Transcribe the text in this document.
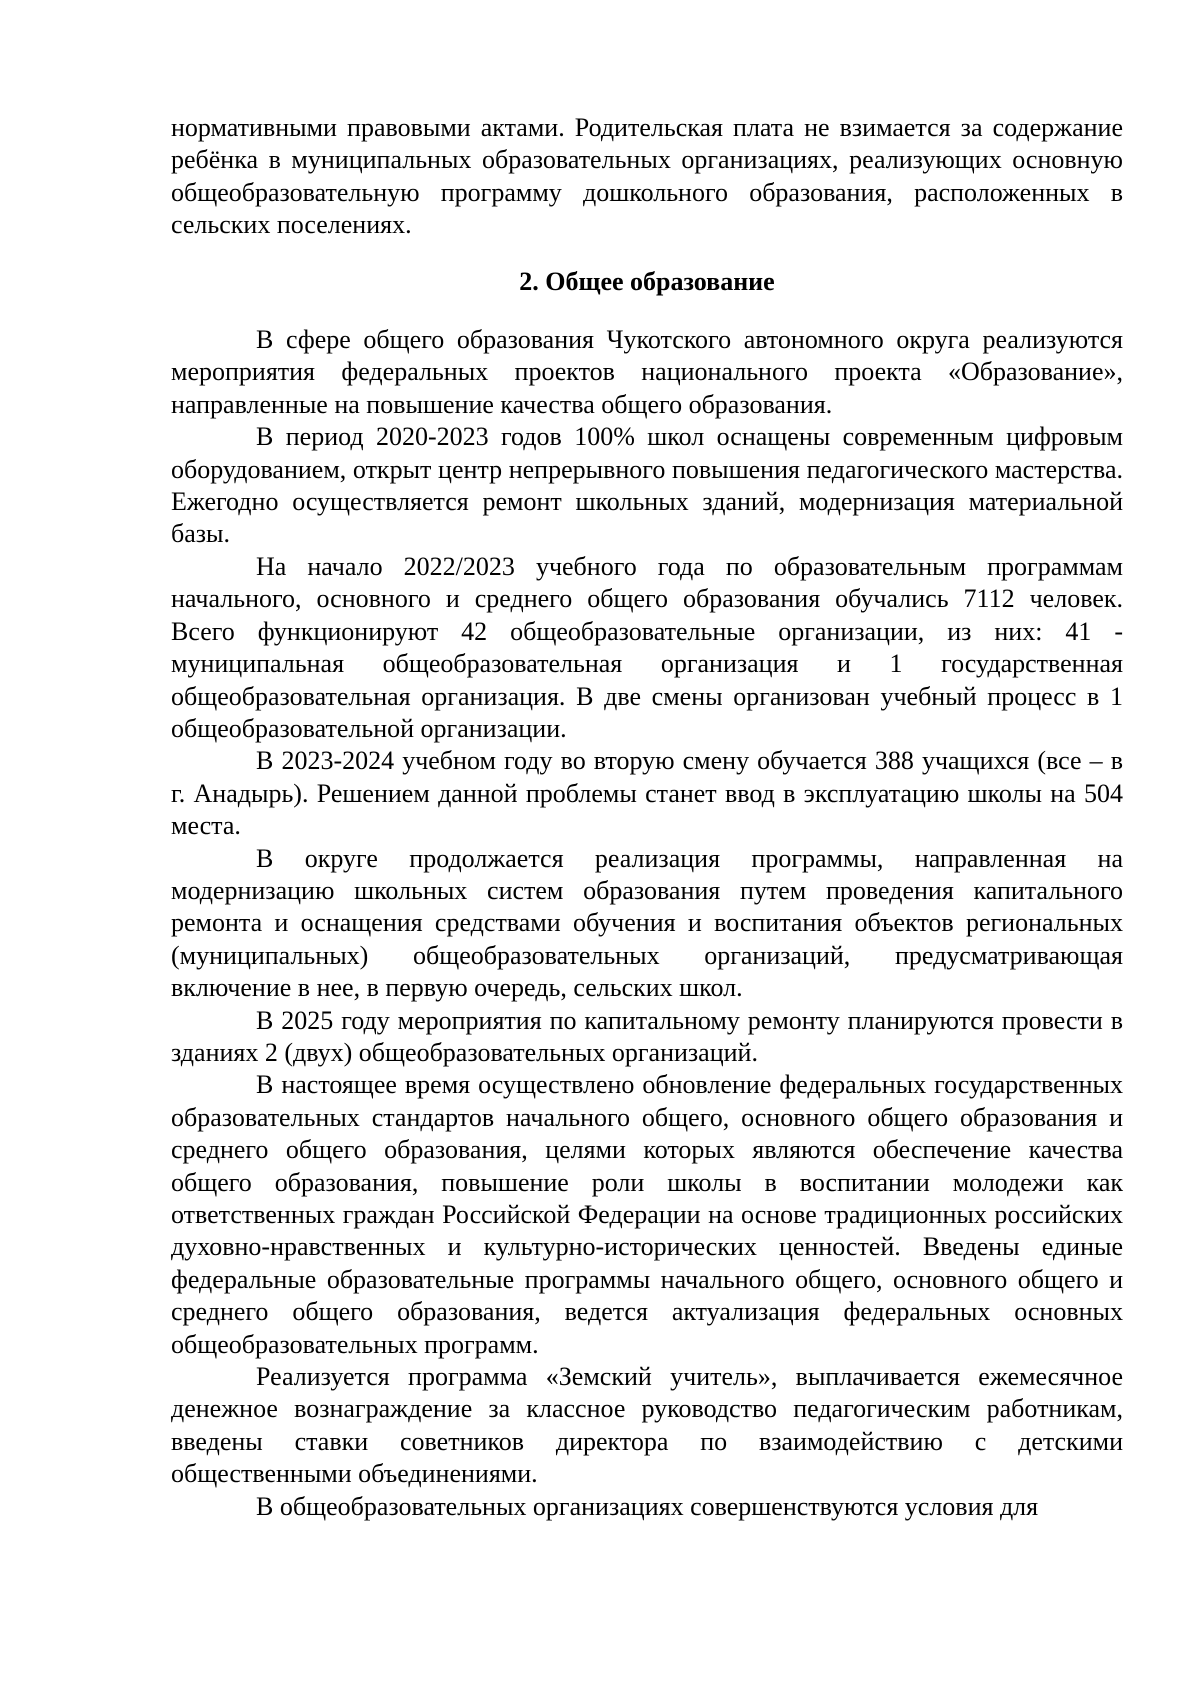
нормативными правовыми актами. Родительская плата не взимается за содержание ребёнка в муниципальных образовательных организациях, реализующих основную общеобразовательную программу дошкольного образования, расположенных в сельских поселениях.

2. Общее образование

В сфере общего образования Чукотского автономного округа реализуются мероприятия федеральных проектов национального проекта «Образование», направленные на повышение качества общего образования.

В период 2020-2023 годов 100% школ оснащены современным цифровым оборудованием, открыт центр непрерывного повышения педагогического мастерства. Ежегодно осуществляется ремонт школьных зданий, модернизация материальной базы.

На начало 2022/2023 учебного года по образовательным программам начального, основного и среднего общего образования обучались 7112 человек. Всего функционируют 42 общеобразовательные организации, из них: 41 - муниципальная общеобразовательная организация и 1 государственная общеобразовательная организация. В две смены организован учебный процесс в 1 общеобразовательной организации.

В 2023-2024 учебном году во вторую смену обучается 388 учащихся (все – в г. Анадырь). Решением данной проблемы станет ввод в эксплуатацию школы на 504 места.

В округе продолжается реализация программы, направленная на модернизацию школьных систем образования путем проведения капитального ремонта и оснащения средствами обучения и воспитания объектов региональных (муниципальных) общеобразовательных организаций, предусматривающая включение в нее, в первую очередь, сельских школ.

В 2025 году мероприятия по капитальному ремонту планируются провести в зданиях 2 (двух) общеобразовательных организаций.

В настоящее время осуществлено обновление федеральных государственных образовательных стандартов начального общего, основного общего образования и среднего общего образования, целями которых являются обеспечение качества общего образования, повышение роли школы в воспитании молодежи как ответственных граждан Российской Федерации на основе традиционных российских духовно-нравственных и культурно-исторических ценностей. Введены единые федеральные образовательные программы начального общего, основного общего и среднего общего образования, ведется актуализация федеральных основных общеобразовательных программ.

Реализуется программа «Земский учитель», выплачивается ежемесячное денежное вознаграждение за классное руководство педагогическим работникам, введены ставки советников директора по взаимодействию с детскими общественными объединениями.

В общеобразовательных организациях совершенствуются условия для
